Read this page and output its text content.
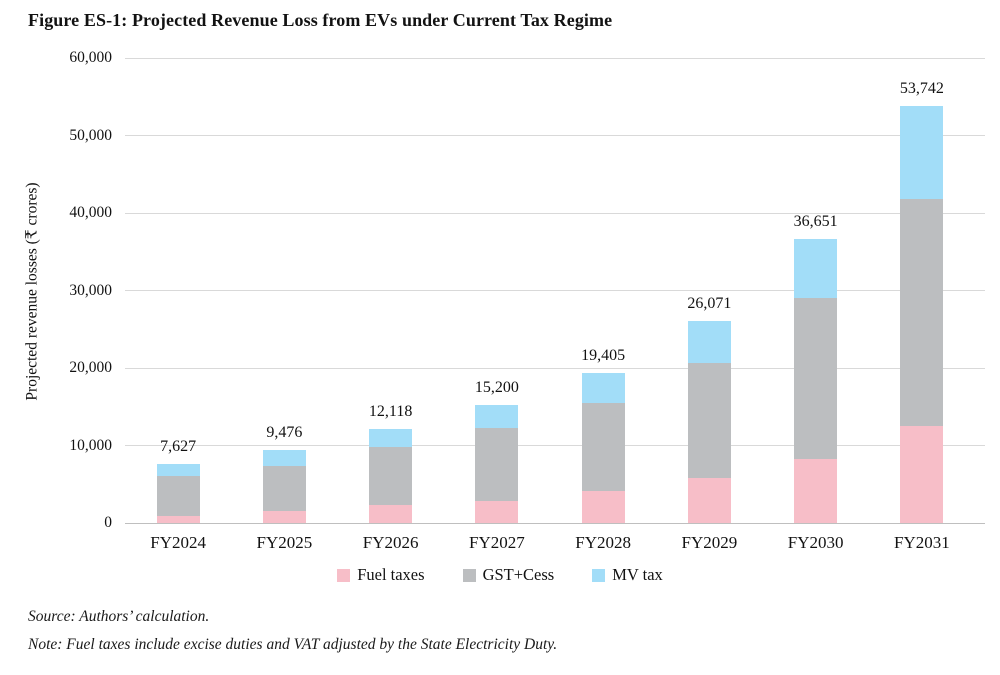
Figure ES-1: Projected Revenue Loss from EVs under Current Tax Regime
0
10,000
20,000
30,000
40,000
50,000
60,000
Projected revenue losses (₹ crores)
7,627
FY2024
9,476
FY2025
12,118
FY2026
15,200
FY2027
19,405
FY2028
26,071
FY2029
36,651
FY2030
53,742
FY2031
Fuel taxes	GST+Cess	MV tax
Source: Authors’ calculation.
Note: Fuel taxes include excise duties and VAT adjusted by the State Electricity Duty.
